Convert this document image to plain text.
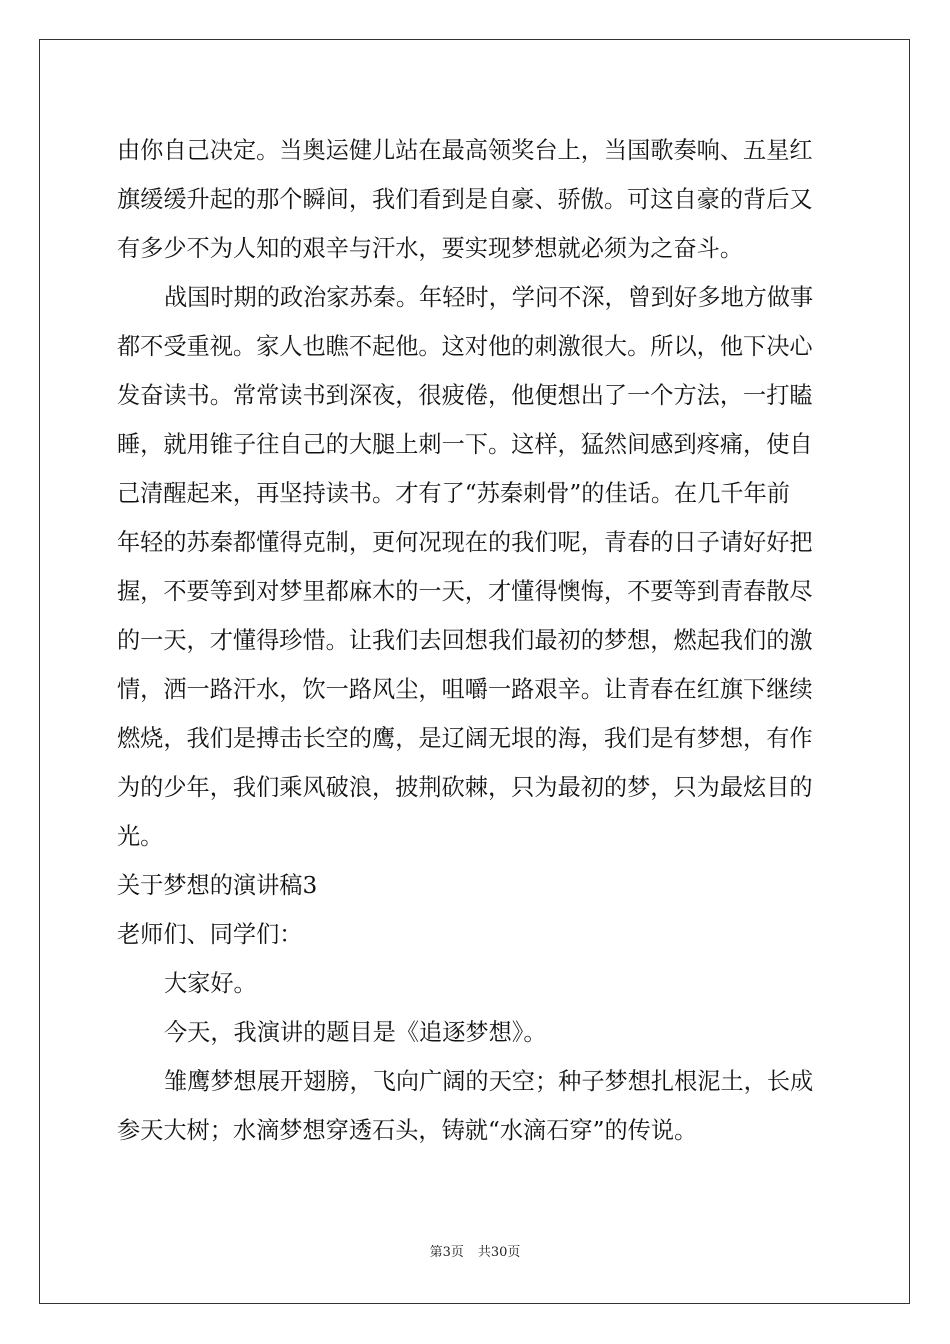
由你自己决定。当奥运健儿站在最高领奖台上，当国歌奏响、五星红
旗缓缓升起的那个瞬间，我们看到是自豪、骄傲。可这自豪的背后又
有多少不为人知的艰辛与汗水，要实现梦想就必须为之奋斗。
战国时期的政治家苏秦。年轻时，学问不深，曾到好多地方做事
都不受重视。家人也瞧不起他。这对他的刺激很大。所以，他下决心
发奋读书。常常读书到深夜，很疲倦，他便想出了一个方法，一打瞌
睡，就用锥子往自己的大腿上刺一下。这样，猛然间感到疼痛，使自
己清醒起来，再坚持读书。才有了“苏秦刺骨”的佳话。在几千年前
年轻的苏秦都懂得克制，更何况现在的我们呢，青春的日子请好好把
握，不要等到对梦里都麻木的一天，才懂得懊悔，不要等到青春散尽
的一天，才懂得珍惜。让我们去回想我们最初的梦想，燃起我们的激
情，洒一路汗水，饮一路风尘，咀嚼一路艰辛。让青春在红旗下继续
燃烧，我们是搏击长空的鹰，是辽阔无垠的海，我们是有梦想，有作
为的少年，我们乘风破浪，披荆砍棘，只为最初的梦，只为最炫目的
光。
关于梦想的演讲稿3
老师们、同学们：
大家好。
今天，我演讲的题目是《追逐梦想》。
雏鹰梦想展开翅膀，飞向广阔的天空；种子梦想扎根泥土，长成
参天大树；水滴梦想穿透石头，铸就“水滴石穿”的传说。
第3页 共30页
